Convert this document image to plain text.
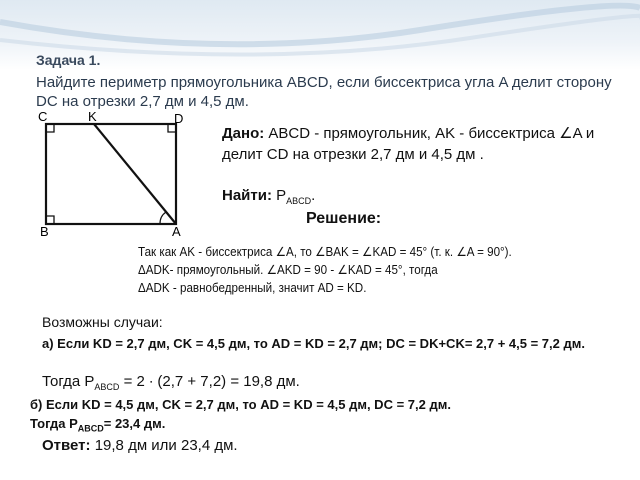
Задача 1.
Найдите периметр прямоугольника ABCD, если биссектриса угла A делит сторону DC на отрезки 2,7 дм и 4,5 дм.
C	K	D
B	A
Дано: ABCD - прямоугольник, AK - биссектриса ∠A и делит CD на отрезки 2,7 дм и 4,5 дм .
Найти: $P_{ABCD}$.
Решение:
Так как AK - биссектриса ∠A, то ∠BAK = ∠KAD = 45° (т. к. ∠A = 90°).
ΔADK- прямоугольный. ∠AKD = 90 - ∠KAD = 45°, тогда
ΔADK - равнобедренный, значит AD = KD.
Возможны случаи:
а) Если KD = 2,7 дм, CK = 4,5 дм, то AD = KD = 2,7 дм; DC = DK+CK= 2,7 + 4,5 = 7,2 дм.
Тогда $P_{ABCD} = 2 \cdot (2,7 + 7,2) = 19,8$ дм.
б) Если KD = 4,5 дм, CK = 2,7 дм, то AD = KD = 4,5 дм, DC = 7,2 дм.
Тогда $P_{ABCD}= 23,4$ дм.
Ответ: 19,8 дм или 23,4 дм.
